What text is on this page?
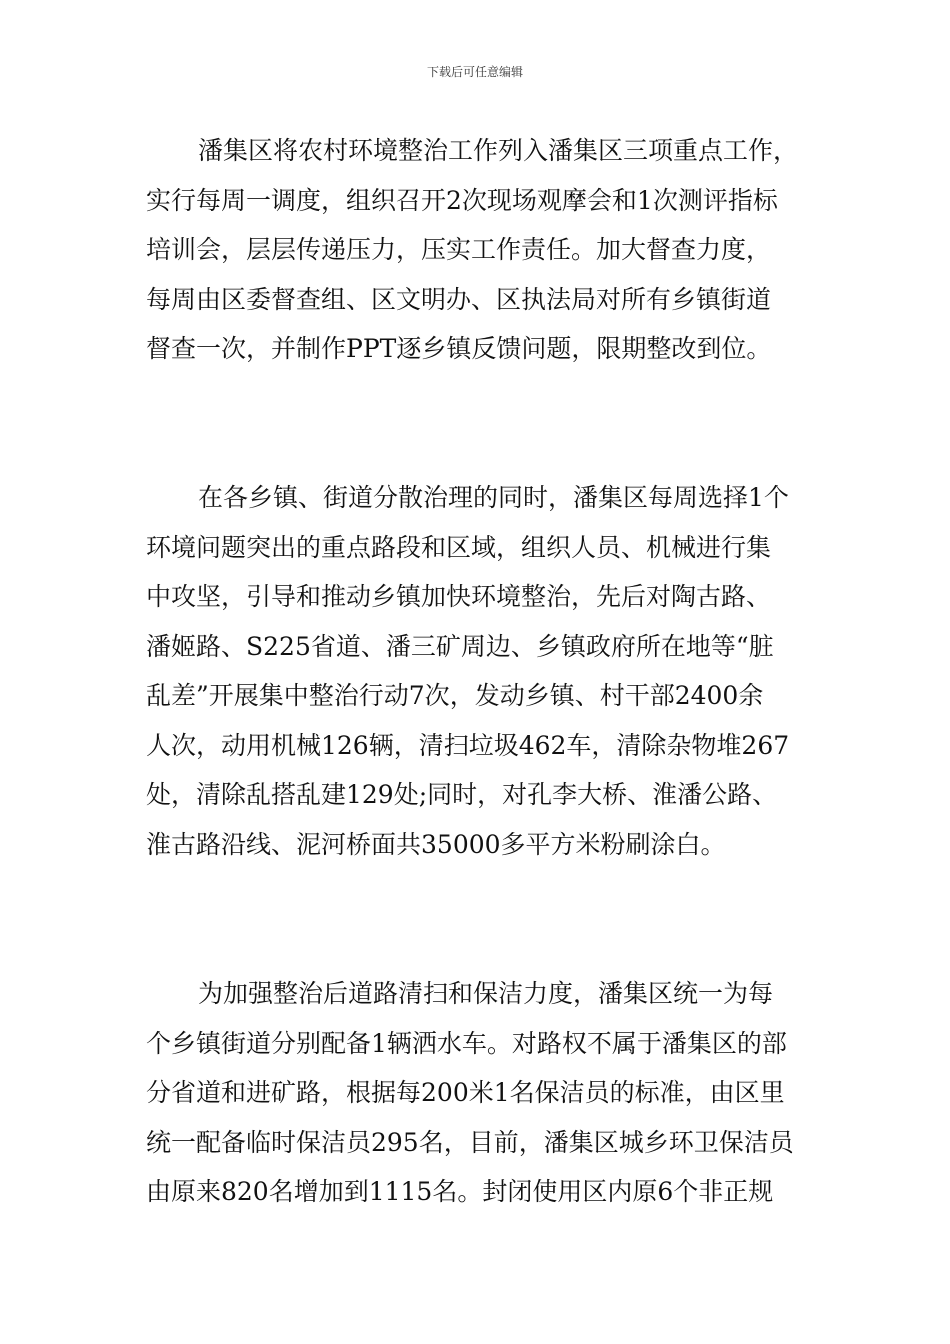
下载后可任意编辑

潘集区将农村环境整治工作列入潘集区三项重点工作，
实行每周一调度，组织召开2次现场观摩会和1次测评指标
培训会，层层传递压力，压实工作责任。加大督查力度，
每周由区委督查组、区文明办、区执法局对所有乡镇街道
督查一次，并制作PPT逐乡镇反馈问题，限期整改到位。

在各乡镇、街道分散治理的同时，潘集区每周选择1个
环境问题突出的重点路段和区域，组织人员、机械进行集
中攻坚，引导和推动乡镇加快环境整治，先后对陶古路、
潘姬路、S225省道、潘三矿周边、乡镇政府所在地等“脏
乱差”开展集中整治行动7次，发动乡镇、村干部2400余
人次，动用机械126辆，清扫垃圾462车，清除杂物堆267
处，清除乱搭乱建129处;同时，对孔李大桥、淮潘公路、
淮古路沿线、泥河桥面共35000多平方米粉刷涂白。

为加强整治后道路清扫和保洁力度，潘集区统一为每
个乡镇街道分别配备1辆洒水车。对路权不属于潘集区的部
分省道和进矿路，根据每200米1名保洁员的标准，由区里
统一配备临时保洁员295名，目前，潘集区城乡环卫保洁员
由原来820名增加到1115名。封闭使用区内原6个非正规
